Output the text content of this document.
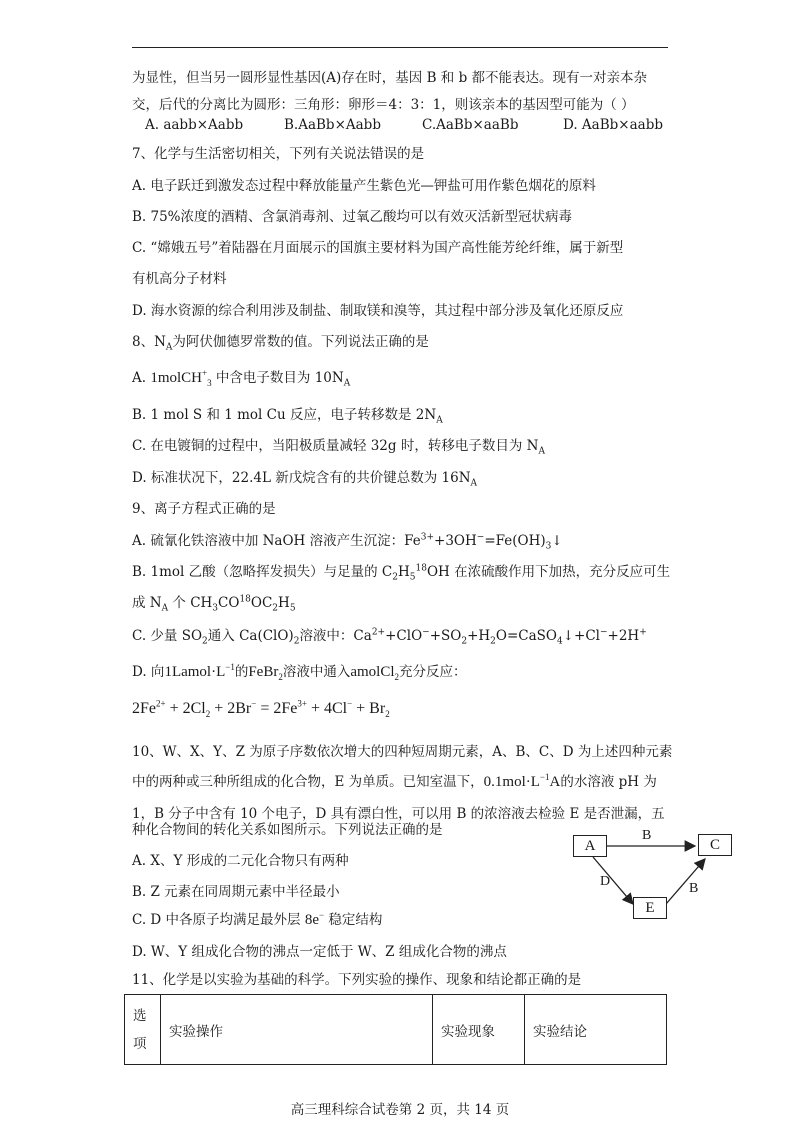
为显性，但当另一圆形显性基因(A)存在时，基因 B 和 b 都不能表达。现有一对亲本杂
交，后代的分离比为圆形：三角形：卵形＝4：3：1，则该亲本的基因型可能为（ ）
A. aabb×Aabb	B.AaBb×Aabb	C.AaBb×aaBb	D. AaBb×aabb
7、化学与生活密切相关，下列有关说法错误的是
A. 电子跃迁到激发态过程中释放能量产生紫色光—钾盐可用作紫色烟花的原料
B. 75%浓度的酒精、含氯消毒剂、过氧乙酸均可以有效灭活新型冠状病毒
C. “嫦娥五号”着陆器在月面展示的国旗主要材料为国产高性能芳纶纤维，属于新型
有机高分子材料
D. 海水资源的综合利用涉及制盐、制取镁和溴等，其过程中部分涉及氧化还原反应
8、$N_A$为阿伏伽德罗常数的值。下列说法正确的是
A. 1molCH+$_3$ 中含电子数目为 $10N_A$
B. 1 mol S 和 1 mol Cu 反应，电子转移数是 $2N_A$
C. 在电镀铜的过程中，当阳极质量减轻 32g 时，转移电子数目为 $N_A$
D. 标准状况下，22.4L 新戊烷含有的共价键总数为 $16N_A$
9、离子方程式正确的是
A. 硫氰化铁溶液中加 NaOH 溶液产生沉淀：$Fe^{3+}+3OH^-=Fe(OH)_3↓$
B. 1mol 乙酸（忽略挥发损失）与足量的 $C_2H_5^{18}OH$ 在浓硫酸作用下加热，充分反应可生
成 $N_A$ 个 $CH_3CO^{18}OC_2H_5$
C. 少量 $SO_2$通入 $Ca(ClO)_2$溶液中：$Ca^{2+}+ClO^-+SO_2+H_2O=CaSO_4↓+Cl^-+2H^+$
D. 向$1Lamol\cdot L^{-1}$的FeBr$_2$溶液中通入amolCl$_2$充分反应：
$2Fe^{2+} + 2Cl_2 + 2Br^- = 2Fe^{3+} + 4Cl^- + Br_2$
10、W、X、Y、Z 为原子序数依次增大的四种短周期元素，A、B、C、D 为上述四种元素
中的两种或三种所组成的化合物，E 为单质。已知室温下，$0.1mol\cdot L^{-1}A$的水溶液 pH 为
1，B 分子中含有 10 个电子，D 具有漂白性，可以用 B 的浓溶液去检验 E 是否泄漏，五
种化合物间的转化关系如图所示。下列说法正确的是
A. X、Y 形成的二元化合物只有两种
B. Z 元素在同周期元素中半径最小
C. D 中各原子均满足最外层 8e− 稳定结构
D. W、Y 组成化合物的沸点一定低于 W、Z 组成化合物的沸点
A	C
E
B
D	B
11、化学是以实验为基础的科学。下列实验的操作、现象和结论都正确的是
选
项	实验操作	实验现象	实验结论
高三理科综合试卷第 2 页，共 14 页
